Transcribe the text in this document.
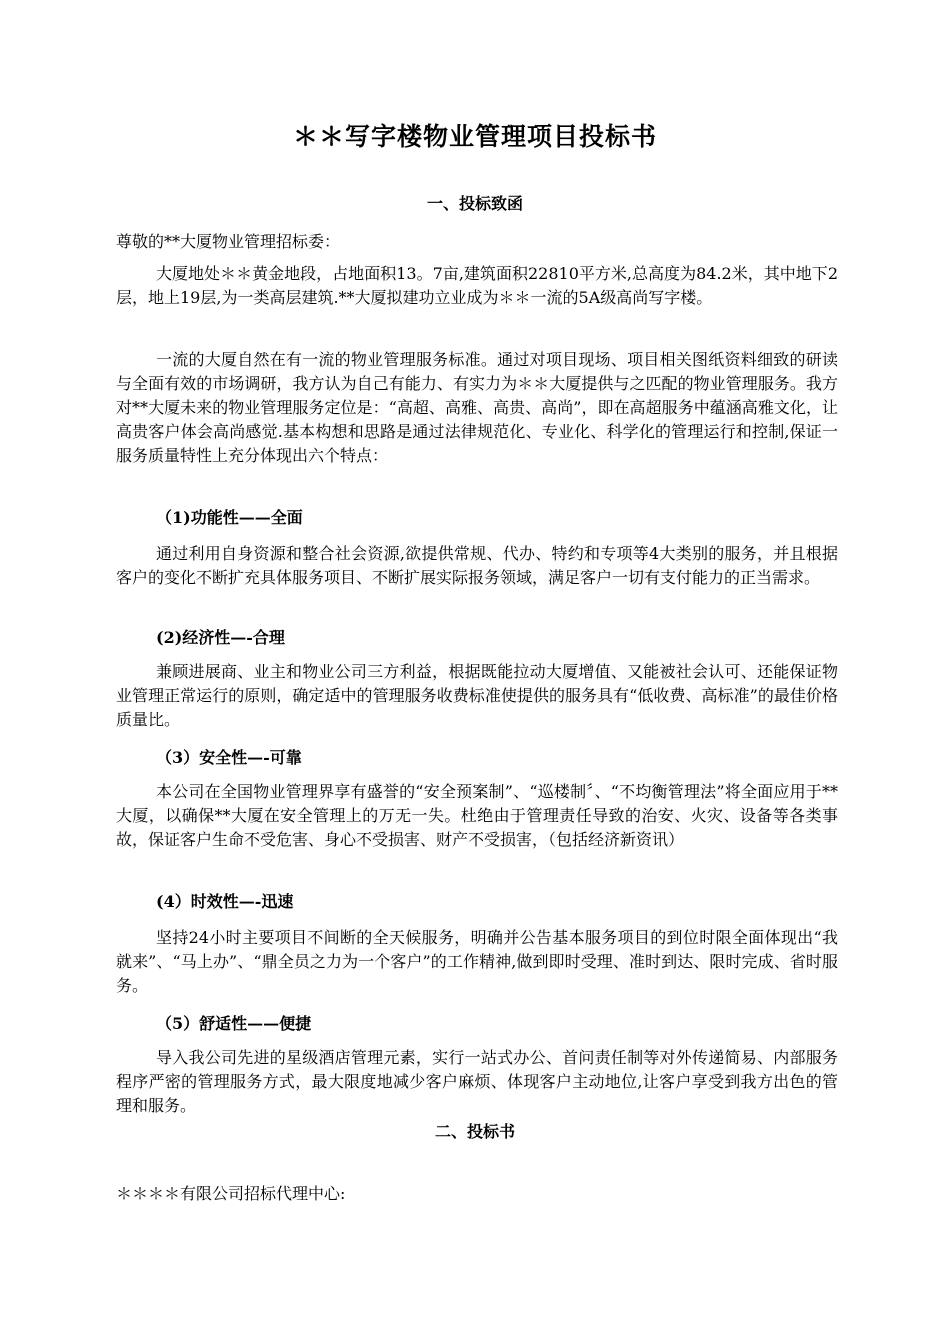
＊＊写字楼物业管理项目投标书
一、投标致函
尊敬的**大厦物业管理招标委：
大厦地处＊＊黄金地段，占地面积13。7亩,建筑面积22810平方米,总高度为84.2米，其中地下2层，地上19层,为一类高层建筑.**大厦拟建功立业成为＊＊一流的5A级高尚写字楼。
一流的大厦自然在有一流的物业管理服务标准。通过对项目现场、项目相关图纸资料细致的研读与全面有效的市场调研，我方认为自己有能力、有实力为＊＊大厦提供与之匹配的物业管理服务。我方对**大厦未来的物业管理服务定位是：“高超、高雅、高贵、高尚”，即在高超服务中蕴涵高雅文化，让高贵客户体会高尚感觉.基本构想和思路是通过法律规范化、专业化、科学化的管理运行和控制,保证一服务质量特性上充分体现出六个特点：
（1)功能性——全面
通过利用自身资源和整合社会资源,欲提供常规、代办、特约和专项等4大类别的服务，并且根据客户的变化不断扩充具体服务项目、不断扩展实际报务领域，满足客户一切有支付能力的正当需求。
(2)经济性—-合理
兼顾进展商、业主和物业公司三方利益，根据既能拉动大厦增值、又能被社会认可、还能保证物业管理正常运行的原则，确定适中的管理服务收费标准使提供的服务具有“低收费、高标准”的最佳价格质量比。
（3）安全性—-可靠
本公司在全国物业管理界享有盛誉的“安全预案制”、“巡楼制〞、“不均衡管理法”将全面应用于**大厦，以确保**大厦在安全管理上的万无一失。杜绝由于管理责任导致的治安、火灾、设备等各类事故，保证客户生命不受危害、身心不受损害、财产不受损害，（包括经济新资讯）
(4）时效性—-迅速
坚持24小时主要项目不间断的全天候服务，明确并公告基本服务项目的到位时限全面体现出“我就来”、“马上办”、“鼎全员之力为一个客户”的工作精神,做到即时受理、准时到达、限时完成、省时服务。
（5）舒适性——便捷
导入我公司先进的星级酒店管理元素，实行一站式办公、首问责任制等对外传递简易、内部服务程序严密的管理服务方式，最大限度地减少客户麻烦、体现客户主动地位,让客户享受到我方出色的管理和服务。
二、投标书
＊＊＊＊有限公司招标代理中心:
